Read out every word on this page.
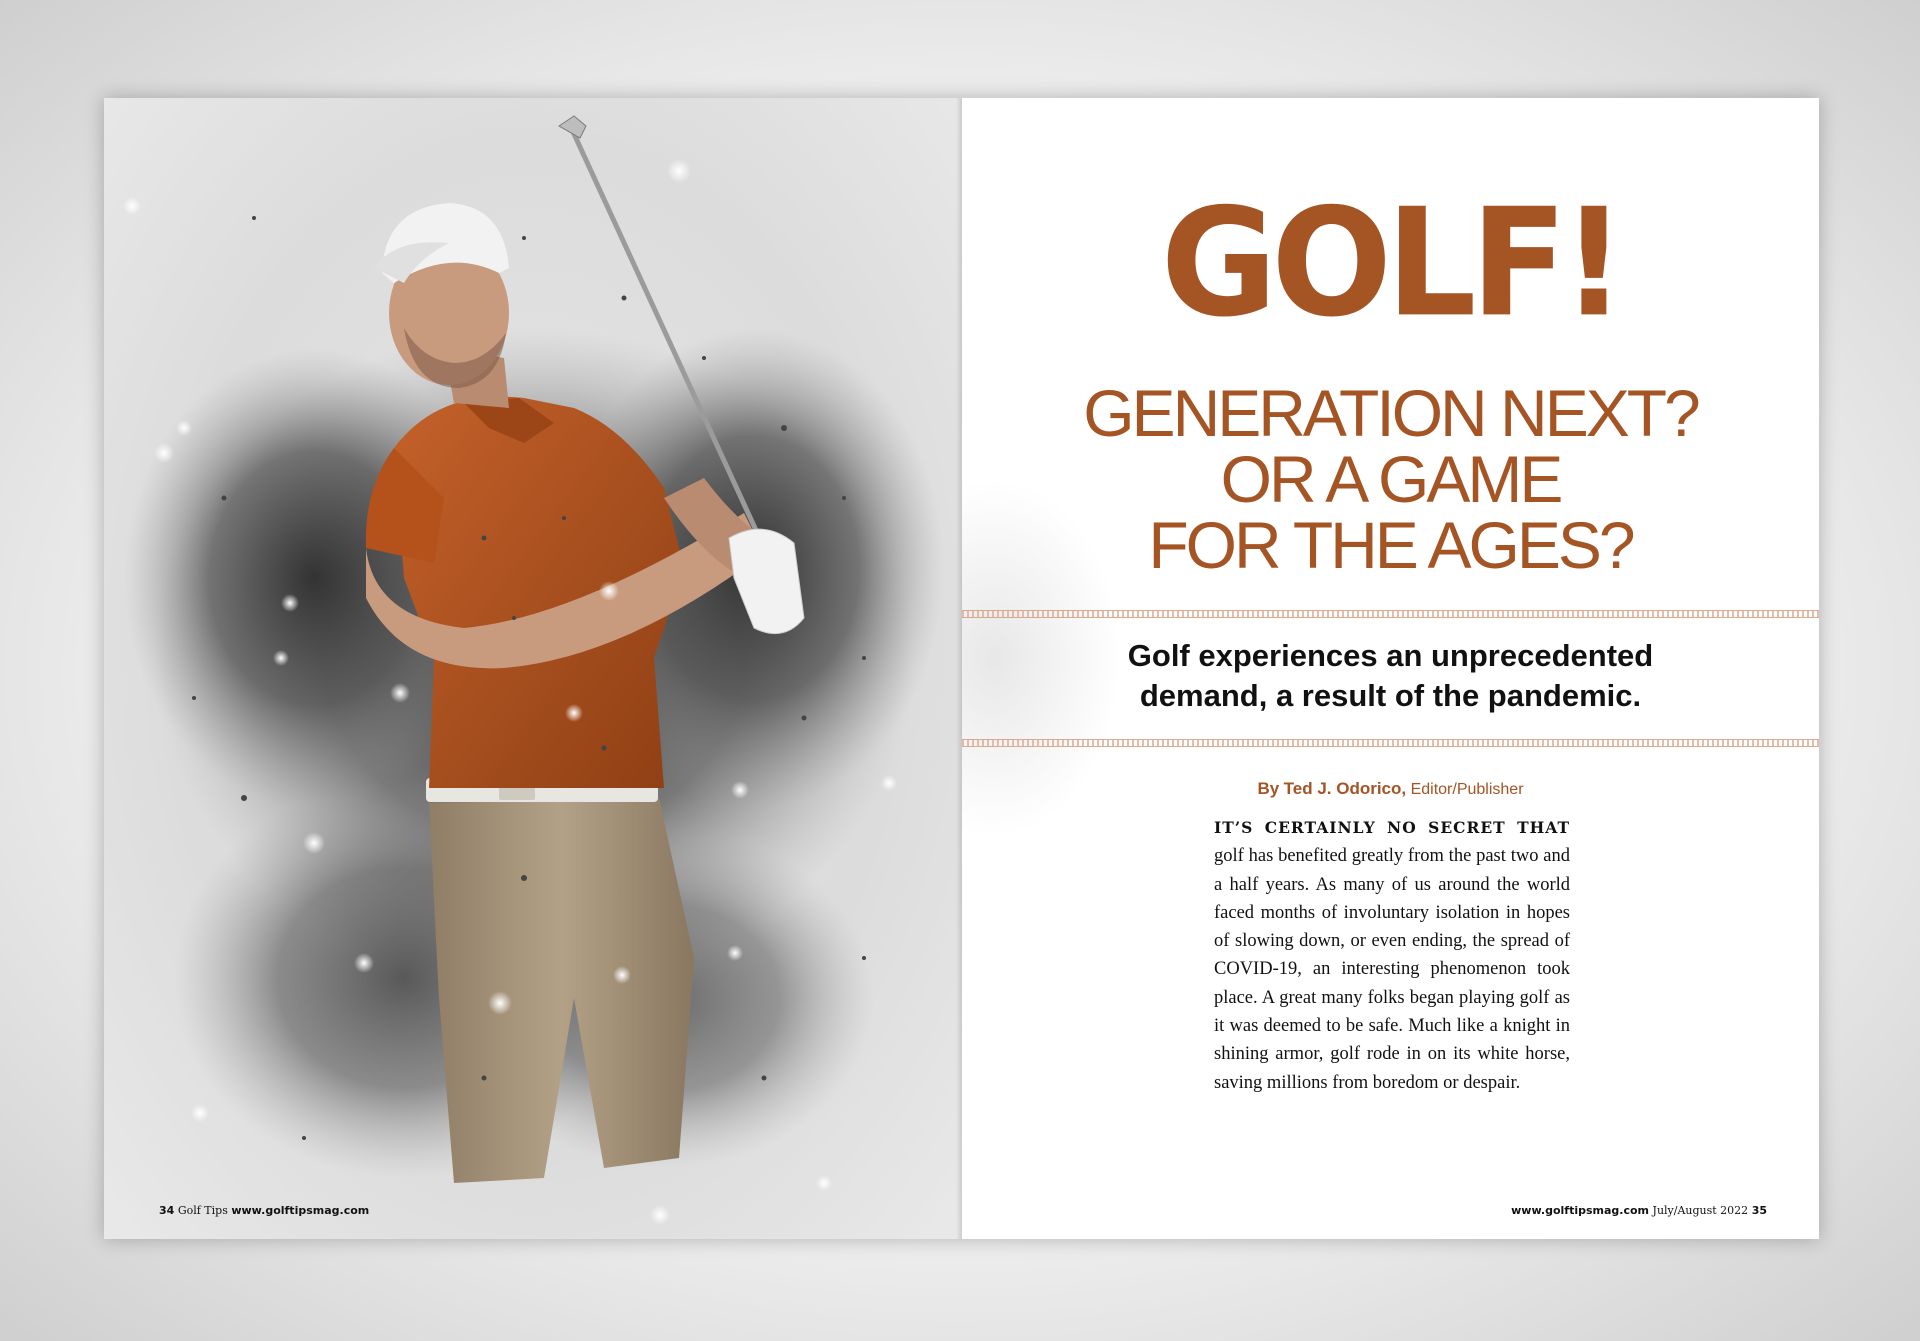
34 Golf Tips www.golftipsmag.com
GOLF!
GENERATION NEXT?
OR A GAME
FOR THE AGES?
Golf experiences an unprecedented
demand, a result of the pandemic.
By Ted J. Odorico, Editor/Publisher
IT’S CERTAINLY NO SECRET THAT golf has benefited greatly from the past two and a half years. As many of us around the world faced months of involuntary isolation in hopes of slowing down, or even ending, the spread of COVID-19, an interesting phenomenon took place. A great many folks began playing golf as it was deemed to be safe. Much like a knight in shining armor, golf rode in on its white horse, saving millions from boredom or despair.
www.golftipsmag.com July/August 2022 35
